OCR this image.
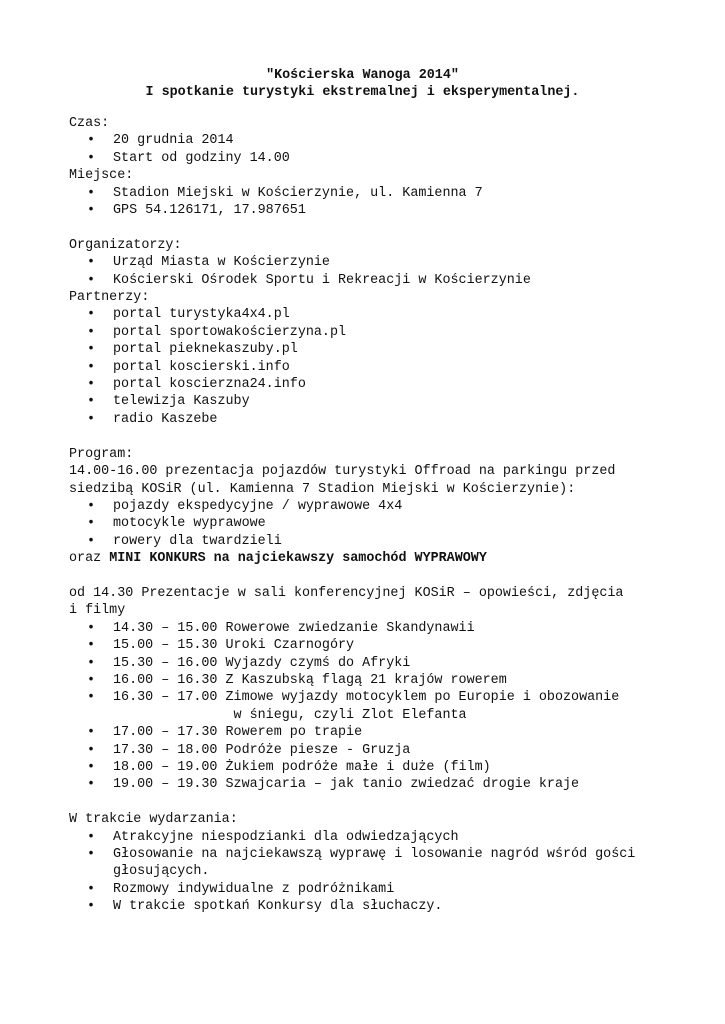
"Kościerska Wanoga 2014"
I spotkanie turystyki ekstremalnej i eksperymentalnej.
Czas:
•	20 grudnia 2014
•	Start od godziny 14.00
Miejsce:
•	Stadion Miejski w Kościerzynie, ul. Kamienna 7
•	GPS 54.126171, 17.987651
Organizatorzy:
•	Urząd Miasta w Kościerzynie
•	Kościerski Ośrodek Sportu i Rekreacji w Kościerzynie
Partnerzy:
•	portal turystyka4x4.pl
•	portal sportowakościerzyna.pl
•	portal pieknekaszuby.pl
•	portal koscierski.info
•	portal koscierzna24.info
•	telewizja Kaszuby
•	radio Kaszebe
Program:
14.00-16.00 prezentacja pojazdów turystyki Offroad na parkingu przed
siedzibą KOSiR (ul. Kamienna 7 Stadion Miejski w Kościerzynie):
•	pojazdy ekspedycyjne / wyprawowe 4x4
•	motocykle wyprawowe
•	rowery dla twardzieli
oraz MINI KONKURS na najciekawszy samochód WYPRAWOWY
od 14.30 Prezentacje w sali konferencyjnej KOSiR – opowieści, zdjęcia
i filmy
•	14.30 – 15.00 Rowerowe zwiedzanie Skandynawii
•	15.00 – 15.30 Uroki Czarnogóry
•	15.30 – 16.00 Wyjazdy czymś do Afryki
•	16.00 – 16.30 Z Kaszubską flagą 21 krajów rowerem
•	16.30 – 17.00 Zimowe wyjazdy motocyklem po Europie i obozowanie
w śniegu, czyli Zlot Elefanta
•	17.00 – 17.30 Rowerem po trapie
•	17.30 – 18.00 Podróże piesze - Gruzja
•	18.00 – 19.00 Żukiem podróże małe i duże (film)
•	19.00 – 19.30 Szwajcaria – jak tanio zwiedzać drogie kraje
W trakcie wydarzania:
•	Atrakcyjne niespodzianki dla odwiedzających
•	Głosowanie na najciekawszą wyprawę i losowanie nagród wśród gości głosujących.
•	Rozmowy indywidualne z podróżnikami
•	W trakcie spotkań Konkursy dla słuchaczy.
